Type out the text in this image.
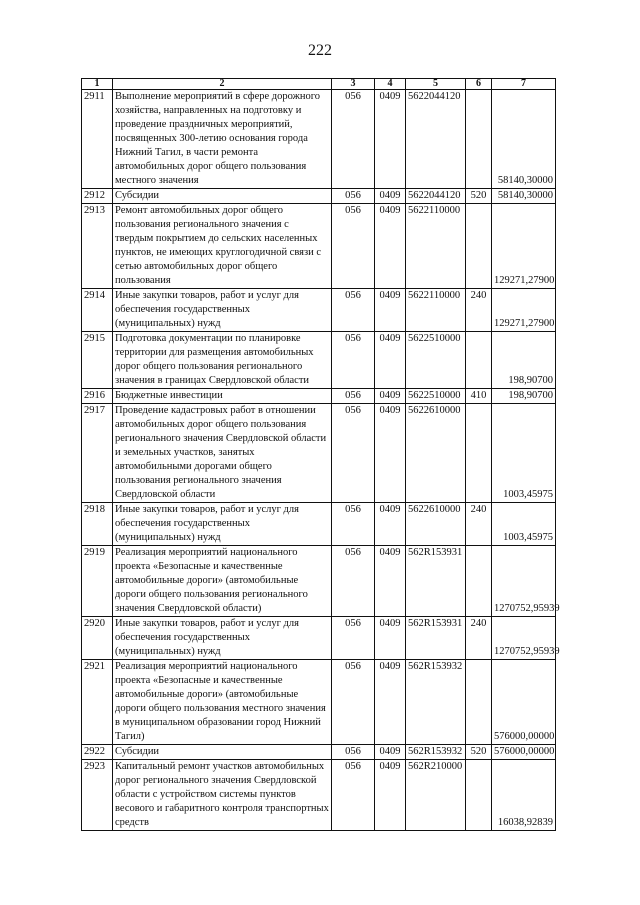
222
1	2	3	4	5	6	7
2911	Выполнение мероприятий в сфере дорожного хозяйства, направленных на подготовку и проведение праздничных мероприятий, посвященных 300-летию основания города Нижний Тагил, в части ремонта автомобильных дорог общего пользования местного значения	056	0409	5622044120		58140,30000
2912	Субсидии	056	0409	5622044120	520	58140,30000
2913	Ремонт автомобильных дорог общего пользования регионального значения с твердым покрытием до сельских населенных пунктов, не имеющих круглогодичной связи с сетью автомобильных дорог общего пользования	056	0409	5622110000		129271,27900
2914	Иные закупки товаров, работ и услуг для обеспечения государственных (муниципальных) нужд	056	0409	5622110000	240	129271,27900
2915	Подготовка документации по планировке территории для размещения автомобильных дорог общего пользования регионального значения в границах Свердловской области	056	0409	5622510000		198,90700
2916	Бюджетные инвестиции	056	0409	5622510000	410	198,90700
2917	Проведение кадастровых работ в отношении автомобильных дорог общего пользования регионального значения Свердловской области и земельных участков, занятых автомобильными дорогами общего пользования регионального значения Свердловской области	056	0409	5622610000		1003,45975
2918	Иные закупки товаров, работ и услуг для обеспечения государственных (муниципальных) нужд	056	0409	5622610000	240	1003,45975
2919	Реализация мероприятий национального проекта «Безопасные и качественные автомобильные дороги» (автомобильные дороги общего пользования регионального значения Свердловской области)	056	0409	562R153931		1270752,95939
2920	Иные закупки товаров, работ и услуг для обеспечения государственных (муниципальных) нужд	056	0409	562R153931	240	1270752,95939
2921	Реализация мероприятий национального проекта «Безопасные и качественные автомобильные дороги» (автомобильные дороги общего пользования местного значения в муниципальном образовании город Нижний Тагил)	056	0409	562R153932		576000,00000
2922	Субсидии	056	0409	562R153932	520	576000,00000
2923	Капитальный ремонт участков автомобильных дорог регионального значения Свердловской области с устройством системы пунктов весового и габаритного контроля транспортных средств	056	0409	562R210000		16038,92839
